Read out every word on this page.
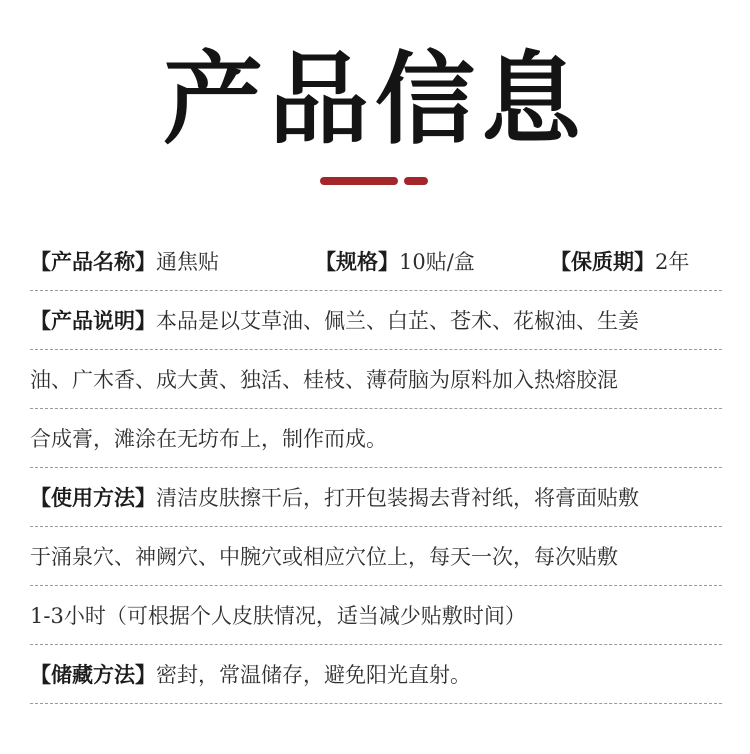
产品信息
【产品名称】通焦贴	【规格】10贴/盒	【保质期】2年
【产品说明】 本品是以艾草油、佩兰、白芷、苍术、花椒油、生姜
油、广木香、成大黄、独活、桂枝、薄荷脑为原料加入热熔胶混
合成膏，滩涂在无坊布上，制作而成。
【使用方法】 清洁皮肤擦干后，打开包装揭去背衬纸，将膏面贴敷
于涌泉穴、神阙穴、中腕穴或相应穴位上，每天一次，每次贴敷
1-3小时（可根据个人皮肤情况，适当减少贴敷时间）
【储藏方法】 密封，常温储存，避免阳光直射。
